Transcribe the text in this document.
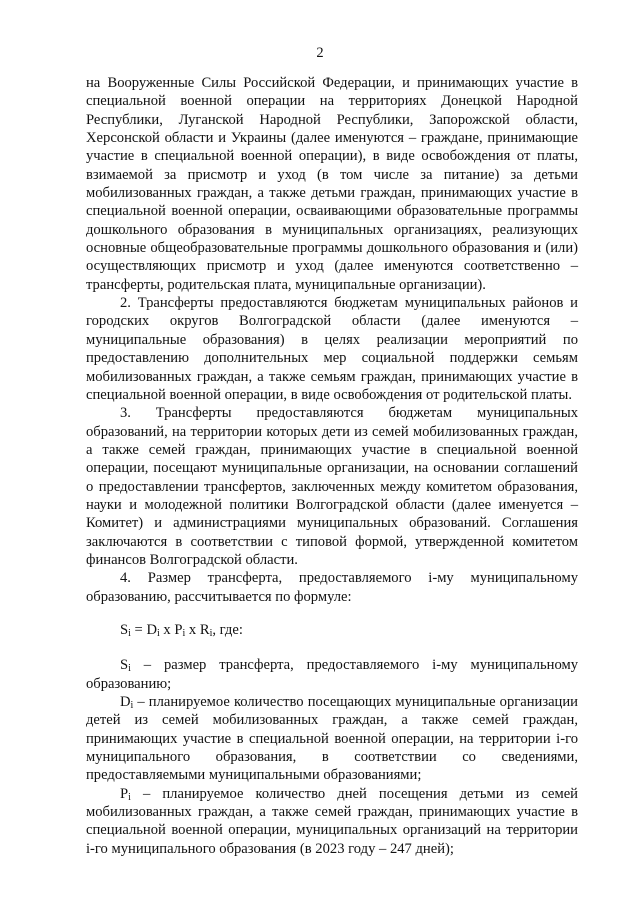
2

на Вооруженные Силы Российской Федерации, и принимающих участие в специальной военной операции на территориях Донецкой Народной Республики, Луганской Народной Республики, Запорожской области, Херсонской области и Украины (далее именуются – граждане, принимающие участие в специальной военной операции), в виде освобождения от платы, взимаемой за присмотр и уход (в том числе за питание) за детьми мобилизованных граждан, а также детьми граждан, принимающих участие в специальной военной операции, осваивающими образовательные программы дошкольного образования в муниципальных организациях, реализующих основные общеобразовательные программы дошкольного образования и (или) осуществляющих присмотр и уход (далее именуются соответственно – трансферты, родительская плата, муниципальные организации).

2. Трансферты предоставляются бюджетам муниципальных районов и городских округов Волгоградской области (далее именуются – муниципальные образования) в целях реализации мероприятий по предоставлению дополнительных мер социальной поддержки семьям мобилизованных граждан, а также семьям граждан, принимающих участие в специальной военной операции, в виде освобождения от родительской платы.

3. Трансферты предоставляются бюджетам муниципальных образований, на территории которых дети из семей мобилизованных граждан, а также семей граждан, принимающих участие в специальной военной операции, посещают муниципальные организации, на основании соглашений о предоставлении трансфертов, заключенных между комитетом образования, науки и молодежной политики Волгоградской области (далее именуется – Комитет) и администрациями муниципальных образований. Соглашения заключаются в соответствии с типовой формой, утвержденной комитетом финансов Волгоградской области.

4. Размер трансферта, предоставляемого i-му муниципальному образованию, рассчитывается по формуле:

$S_i = D_i$ x $P_i$ x $R_i$, где:

$S_i$ – размер трансферта, предоставляемого i-му муниципальному образованию;

$D_i$ – планируемое количество посещающих муниципальные организации детей из семей мобилизованных граждан, а также семей граждан, принимающих участие в специальной военной операции, на территории i-го муниципального образования, в соответствии со сведениями, предоставляемыми муниципальными образованиями;

$P_i$ – планируемое количество дней посещения детьми из семей мобилизованных граждан, а также семей граждан, принимающих участие в специальной военной операции, муниципальных организаций на территории i-го муниципального образования (в 2023 году – 247 дней);
